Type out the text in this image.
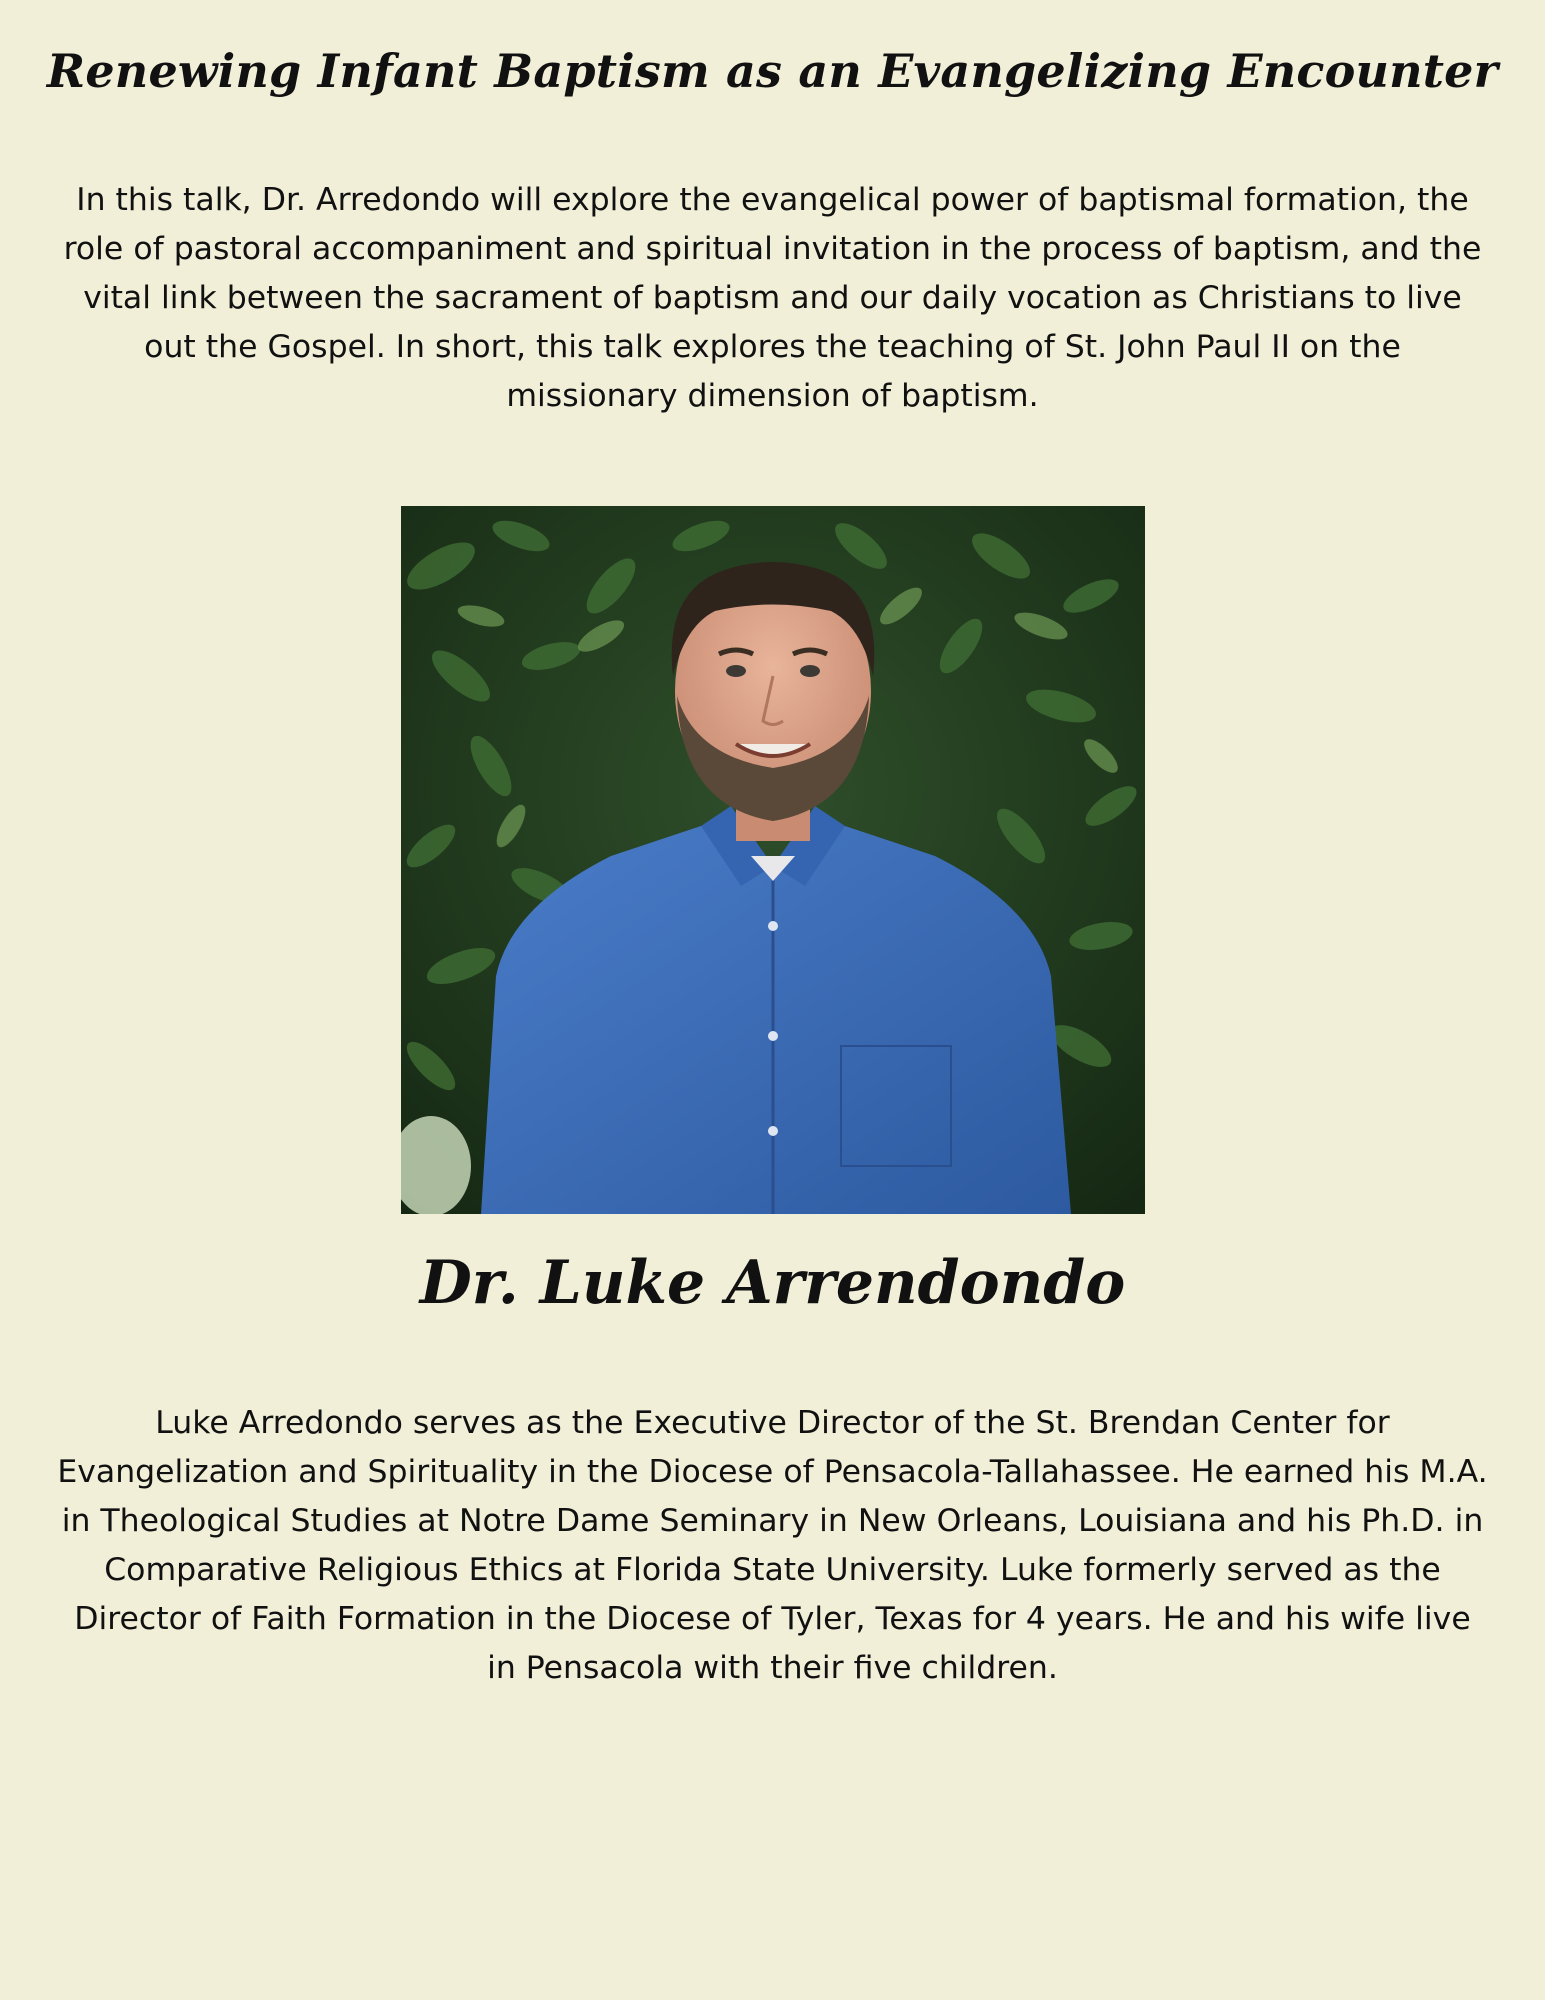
Renewing Infant Baptism as an Evangelizing Encounter

In this talk, Dr. Arredondo will explore the evangelical power of baptismal formation, the role of pastoral accompaniment and spiritual invitation in the process of baptism, and the vital link between the sacrament of baptism and our daily vocation as Christians to live out the Gospel. In short, this talk explores the teaching of St. John Paul II on the missionary dimension of baptism.

Dr. Luke Arrendondo

Luke Arredondo serves as the Executive Director of the St. Brendan Center for Evangelization and Spirituality in the Diocese of Pensacola-Tallahassee. He earned his M.A. in Theological Studies at Notre Dame Seminary in New Orleans, Louisiana and his Ph.D. in Comparative Religious Ethics at Florida State University. Luke formerly served as the Director of Faith Formation in the Diocese of Tyler, Texas for 4 years. He and his wife live in Pensacola with their five children.
